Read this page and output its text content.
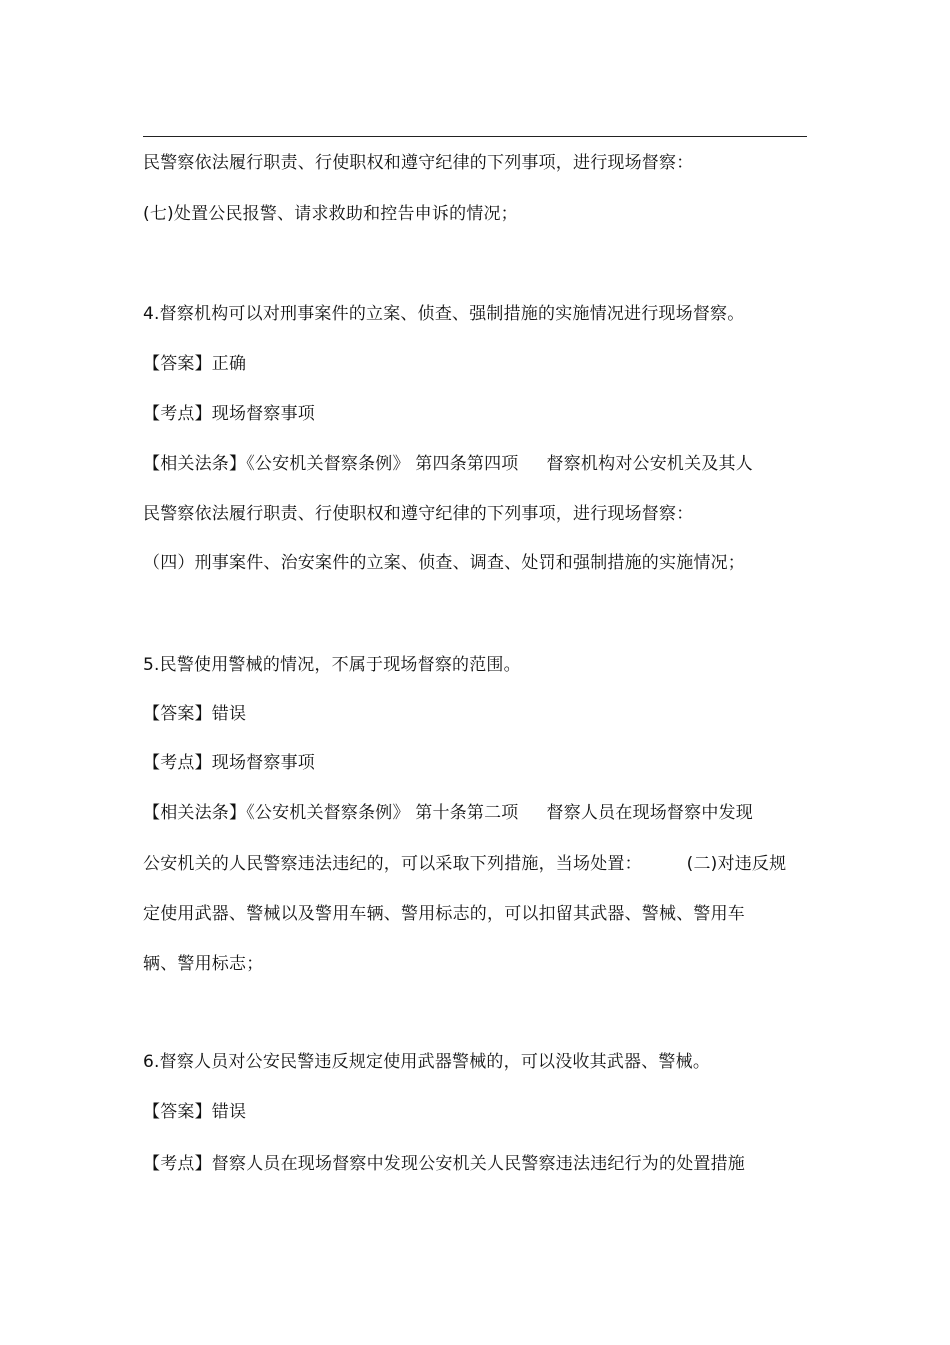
民警察依法履行职责、行使职权和遵守纪律的下列事项，进行现场督察：
(七)处置公民报警、请求救助和控告申诉的情况；
4.督察机构可以对刑事案件的立案、侦查、强制措施的实施情况进行现场督察。
【答案】正确
【考点】现场督察事项
【相关法条】《公安机关督察条例》 第四条第四项     督察机构对公安机关及其人
民警察依法履行职责、行使职权和遵守纪律的下列事项，进行现场督察：
（四）刑事案件、治安案件的立案、侦查、调查、处罚和强制措施的实施情况；
5.民警使用警械的情况，不属于现场督察的范围。
【答案】错误
【考点】现场督察事项
【相关法条】《公安机关督察条例》 第十条第二项     督察人员在现场督察中发现
公安机关的人民警察违法违纪的，可以采取下列措施，当场处置：        (二)对违反规
定使用武器、警械以及警用车辆、警用标志的，可以扣留其武器、警械、警用车
辆、警用标志；
6.督察人员对公安民警违反规定使用武器警械的，可以没收其武器、警械。
【答案】错误
【考点】督察人员在现场督察中发现公安机关人民警察违法违纪行为的处置措施
